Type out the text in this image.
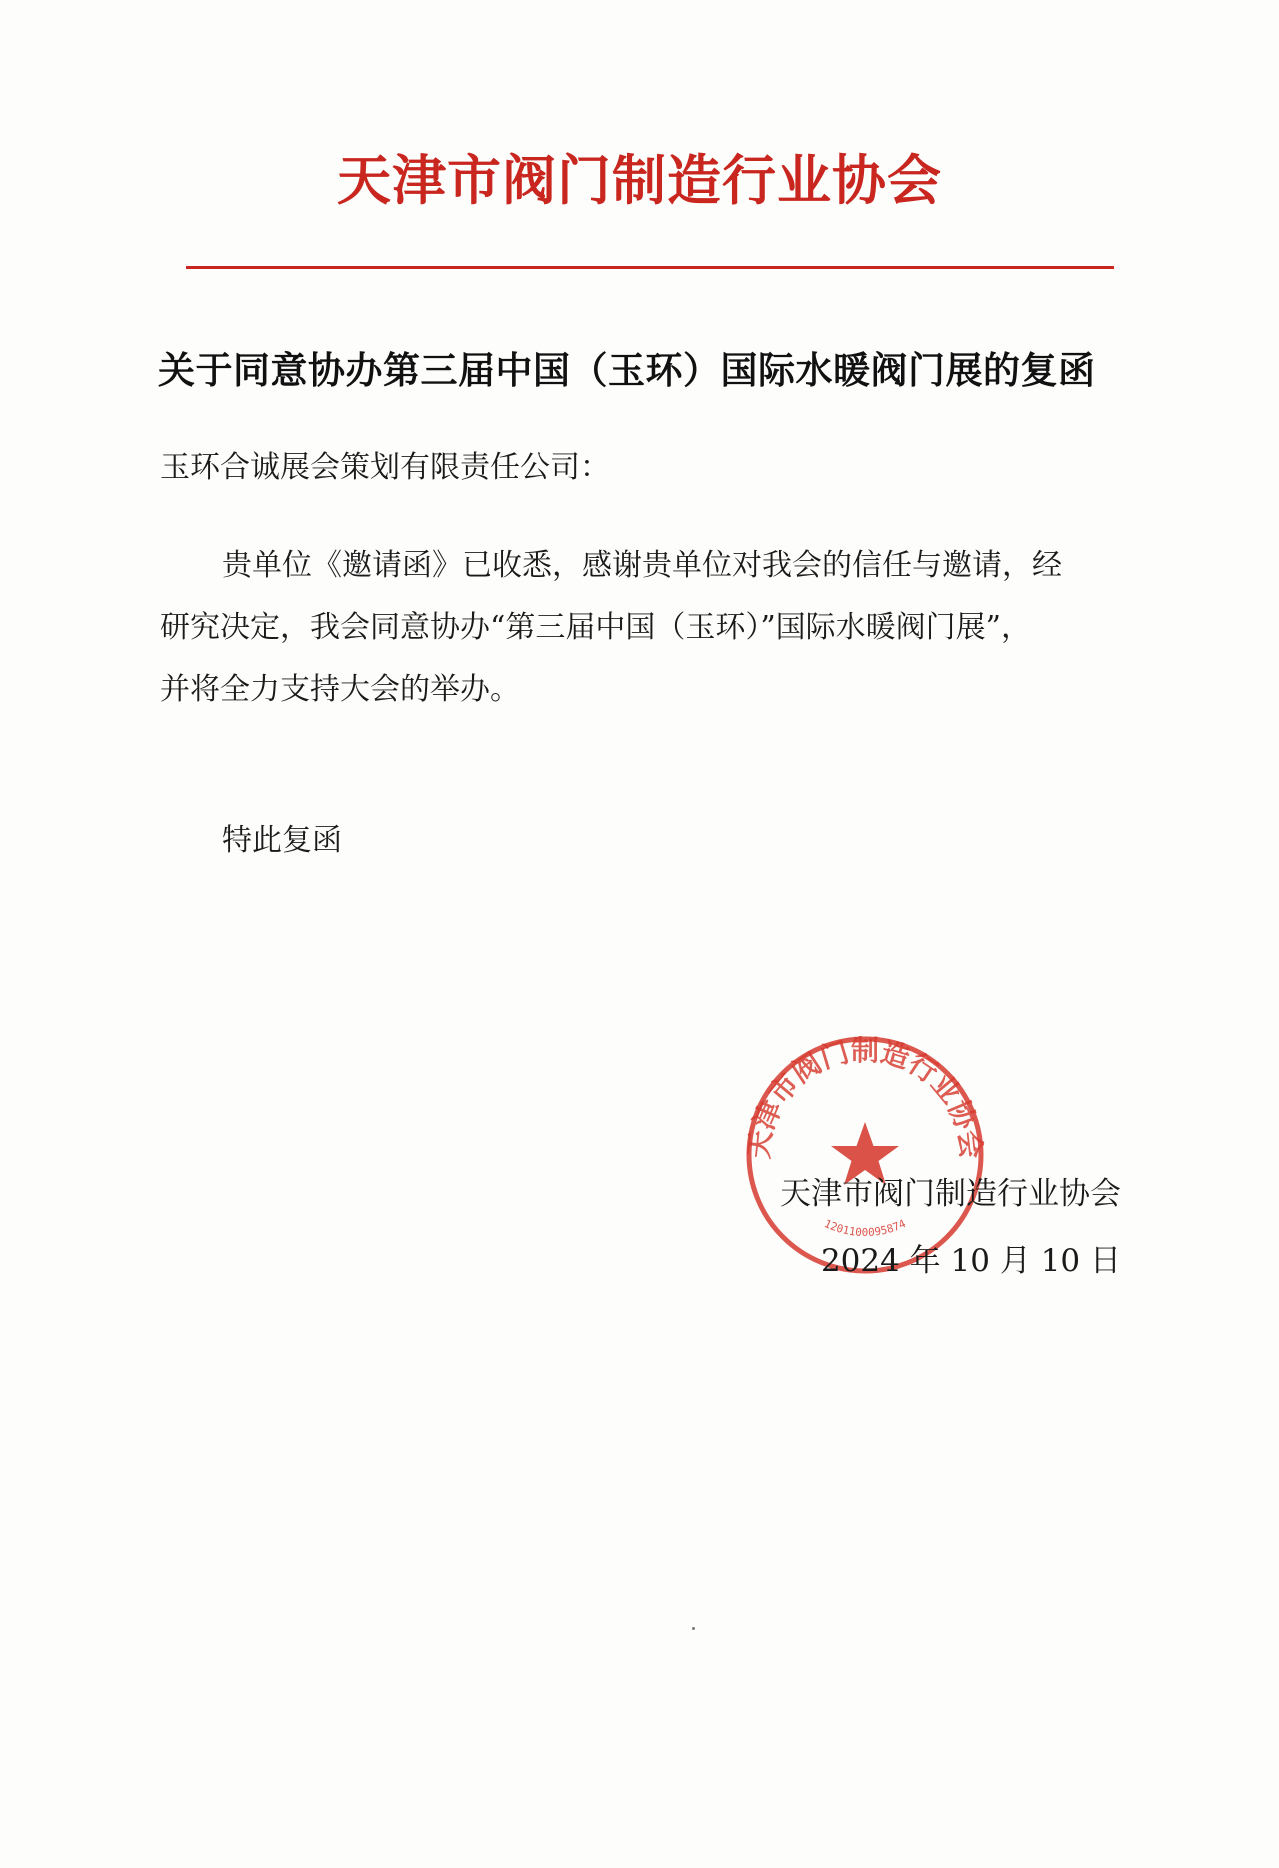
天津市阀门制造行业协会
关于同意协办第三届中国（玉环）国际水暖阀门展的复函
玉环合诚展会策划有限责任公司：
贵单位《邀请函》已收悉，感谢贵单位对我会的信任与邀请，经
研究决定，我会同意协办“第三届中国（玉环）”国际水暖阀门展”，
并将全力支持大会的举办。
特此复函
天津市阀门制造行业协会
1201100095874
天津市阀门制造行业协会
2024 年 10 月 10 日
